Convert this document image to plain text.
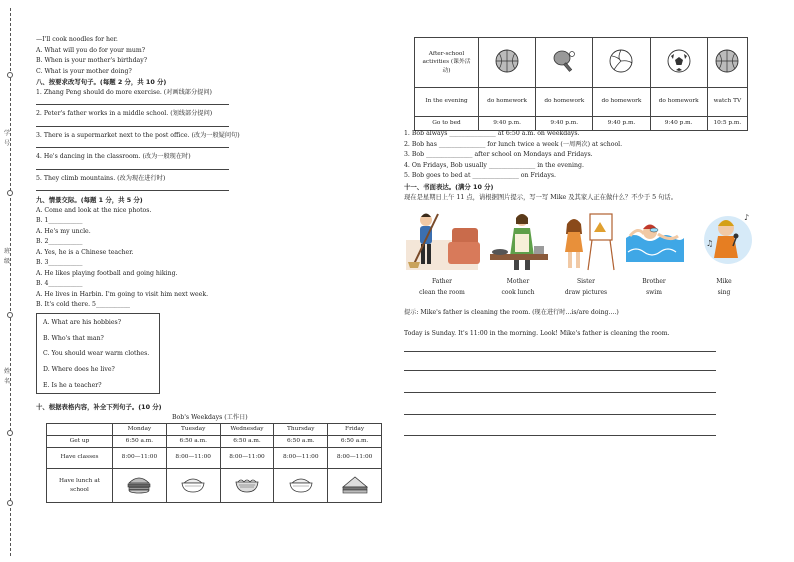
学
号
班
级
姓
名
—I'll cook noodles for her.
A. What will you do for your mum?
B. When is your mother's birthday?
C. What is your mother doing?
八、按要求改写句子。(每题 2 分，共 10 分)
1. Zhang Peng should do more exercise. (对画线部分提问)
2. Peter's father works in a middle school. (划线部分提问)
3. There is a supermarket next to the post office. (改为一般疑问句)
4. He's dancing in the classroom. (改为一般现在时)
5. They climb mountains. (改为现在进行时)
九、情景交际。(每题 1 分，共 5 分)
A. Come and look at the nice photos.
B. 1___________
A. He's my uncle.
B. 2___________
A. Yes, he is a Chinese teacher.
B. 3___________
A. He likes playing football and going hiking.
B. 4___________
A. He lives in Harbin. I'm going to visit him next week.
B. It's cold there. 5___________
A. What are his hobbies?
B. Who's that man?
C. You should wear warm clothes.
D. Where does he live?
E. Is he a teacher?
十、根据表格内容，补全下列句子。(10 分)
Bob's Weekdays (工作日)
	Monday	Tuesday	Wednesday	Thursday	Friday
Get up	6:50 a.m.	6:50 a.m.	6:50 a.m.	6:50 a.m.	6:50 a.m.
Have classes	8:00—11:00	8:00—11:00	8:00—11:00	8:00—11:00	8:00—11:00
Have lunch at school					
After-school activities (课外活动)					
In the evening	do homework	do homework	do homework	do homework	watch TV
Go to bed	9:40 p.m.	9:40 p.m.	9:40 p.m.	9:40 p.m.	10:5 p.m.
1. Bob always _______________ at 6:50 a.m. on weekdays.
2. Bob has _______________ for lunch twice a week (一周两次) at school.
3. Bob _______________ after school on Mondays and Fridays.
4. On Fridays, Bob usually _______________ in the evening.
5. Bob goes to bed at _______________ on Fridays.
十一、书面表达。(满分 10 分)
现在是星期日上午 11 点，请根据图片提示，写一写 Mike 及其家人正在做什么？不少于 5 句话。
♪
♫
Father
clean the room
Mother
cook lunch
Sister
draw pictures
Brother
swim
Mike
sing
提示: Mike's father is cleaning the room. (现在进行时...is/are doing....)
Today is Sunday. It's 11:00 in the morning. Look! Mike's father is cleaning the room.
